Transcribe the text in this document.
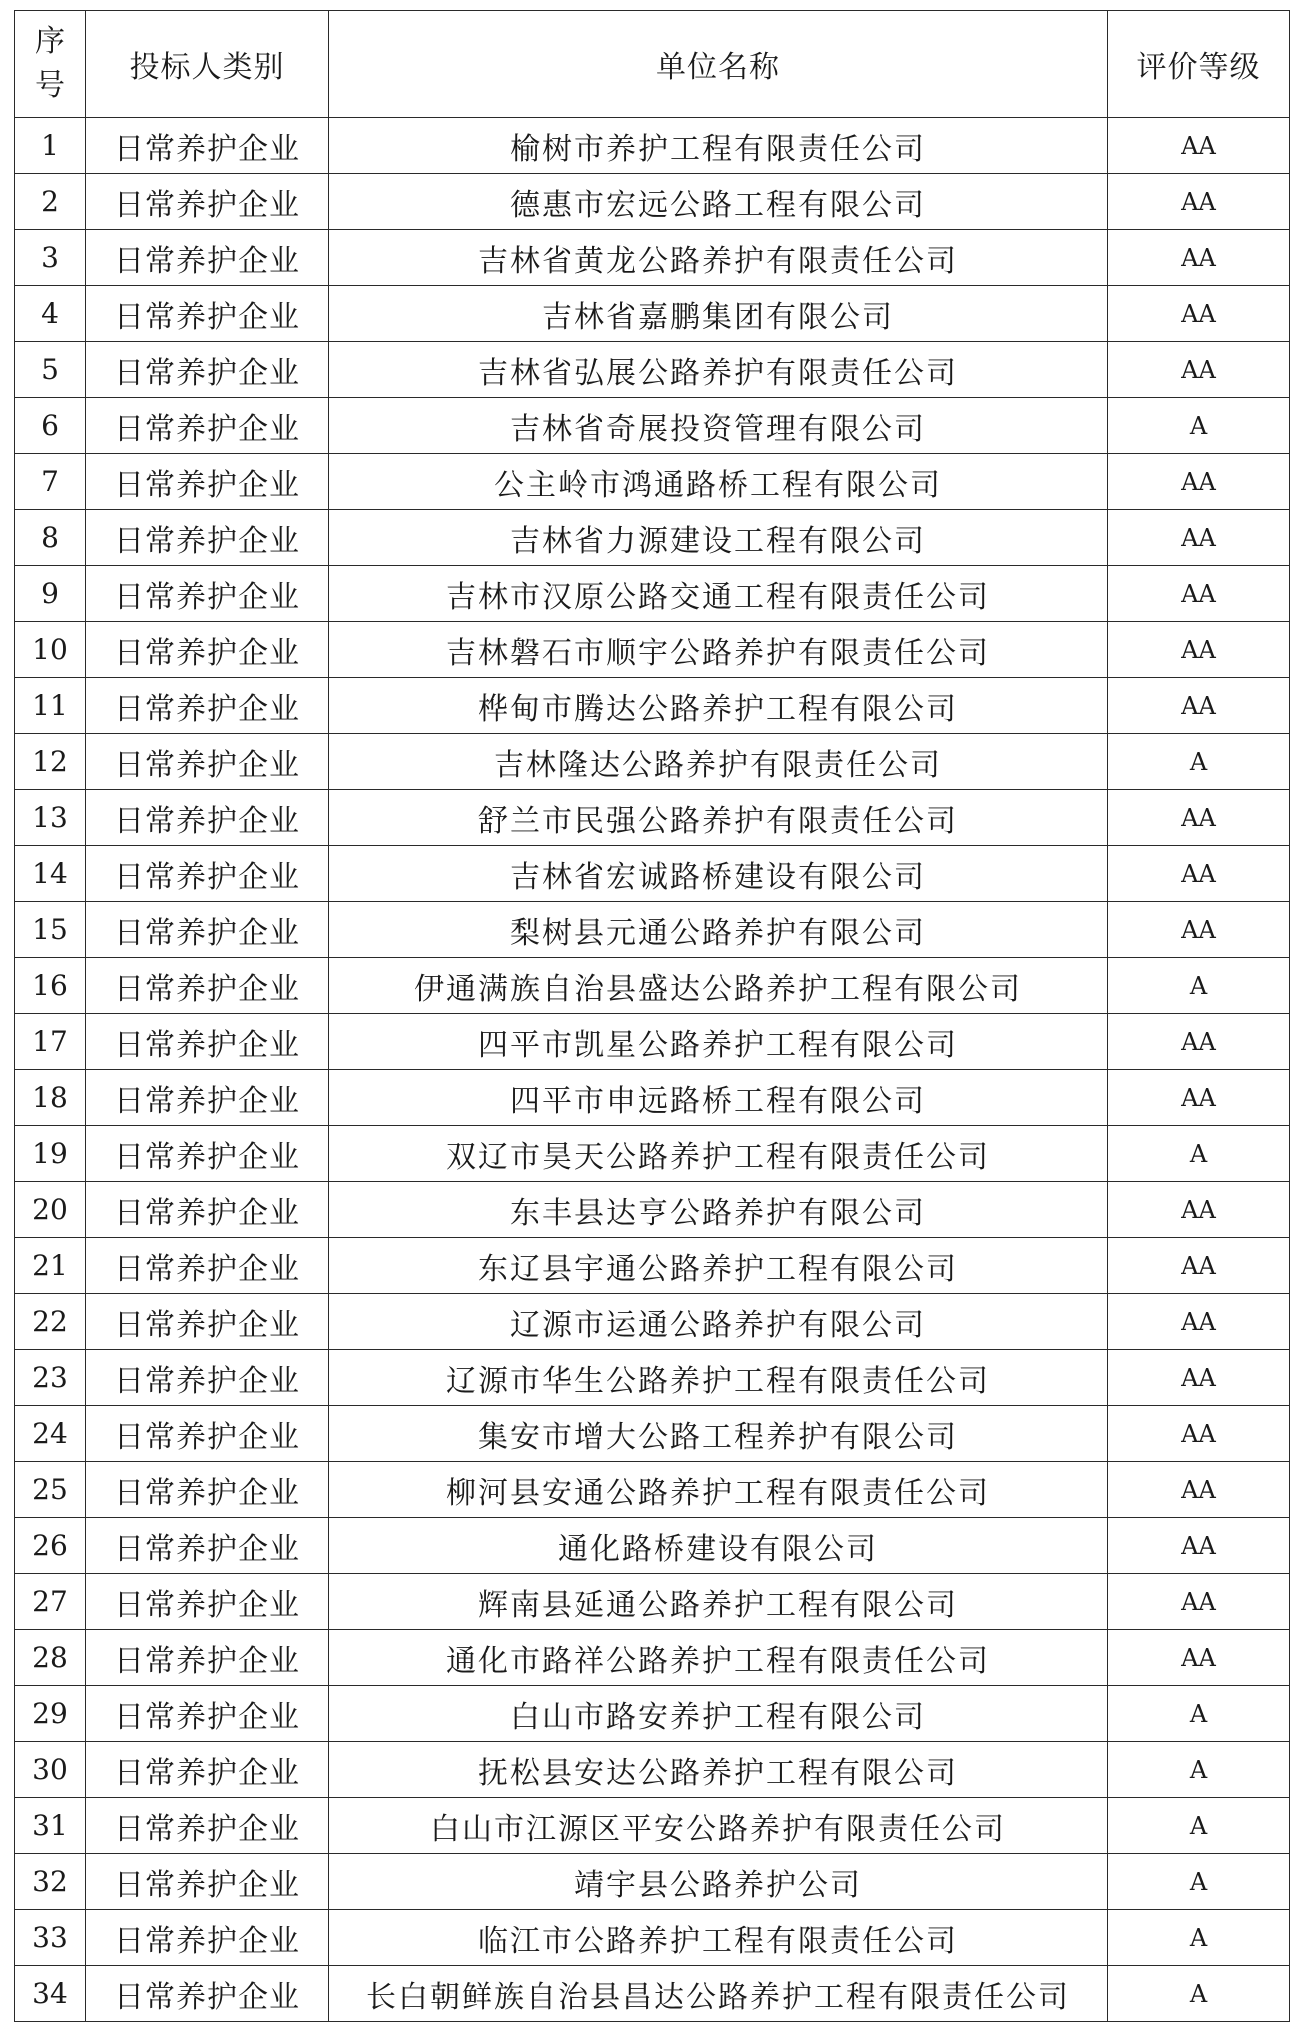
序号	投标人类别	单位名称	评价等级
1	日常养护企业	榆树市养护工程有限责任公司	AA
2	日常养护企业	德惠市宏远公路工程有限公司	AA
3	日常养护企业	吉林省黄龙公路养护有限责任公司	AA
4	日常养护企业	吉林省嘉鹏集团有限公司	AA
5	日常养护企业	吉林省弘展公路养护有限责任公司	AA
6	日常养护企业	吉林省奇展投资管理有限公司	A
7	日常养护企业	公主岭市鸿通路桥工程有限公司	AA
8	日常养护企业	吉林省力源建设工程有限公司	AA
9	日常养护企业	吉林市汉原公路交通工程有限责任公司	AA
10	日常养护企业	吉林磐石市顺宇公路养护有限责任公司	AA
11	日常养护企业	桦甸市腾达公路养护工程有限公司	AA
12	日常养护企业	吉林隆达公路养护有限责任公司	A
13	日常养护企业	舒兰市民强公路养护有限责任公司	AA
14	日常养护企业	吉林省宏诚路桥建设有限公司	AA
15	日常养护企业	梨树县元通公路养护有限公司	AA
16	日常养护企业	伊通满族自治县盛达公路养护工程有限公司	A
17	日常养护企业	四平市凯星公路养护工程有限公司	AA
18	日常养护企业	四平市申远路桥工程有限公司	AA
19	日常养护企业	双辽市昊天公路养护工程有限责任公司	A
20	日常养护企业	东丰县达亨公路养护有限公司	AA
21	日常养护企业	东辽县宇通公路养护工程有限公司	AA
22	日常养护企业	辽源市运通公路养护有限公司	AA
23	日常养护企业	辽源市华生公路养护工程有限责任公司	AA
24	日常养护企业	集安市增大公路工程养护有限公司	AA
25	日常养护企业	柳河县安通公路养护工程有限责任公司	AA
26	日常养护企业	通化路桥建设有限公司	AA
27	日常养护企业	辉南县延通公路养护工程有限公司	AA
28	日常养护企业	通化市路祥公路养护工程有限责任公司	AA
29	日常养护企业	白山市路安养护工程有限公司	A
30	日常养护企业	抚松县安达公路养护工程有限公司	A
31	日常养护企业	白山市江源区平安公路养护有限责任公司	A
32	日常养护企业	靖宇县公路养护公司	A
33	日常养护企业	临江市公路养护工程有限责任公司	A
34	日常养护企业	长白朝鲜族自治县昌达公路养护工程有限责任公司	A
